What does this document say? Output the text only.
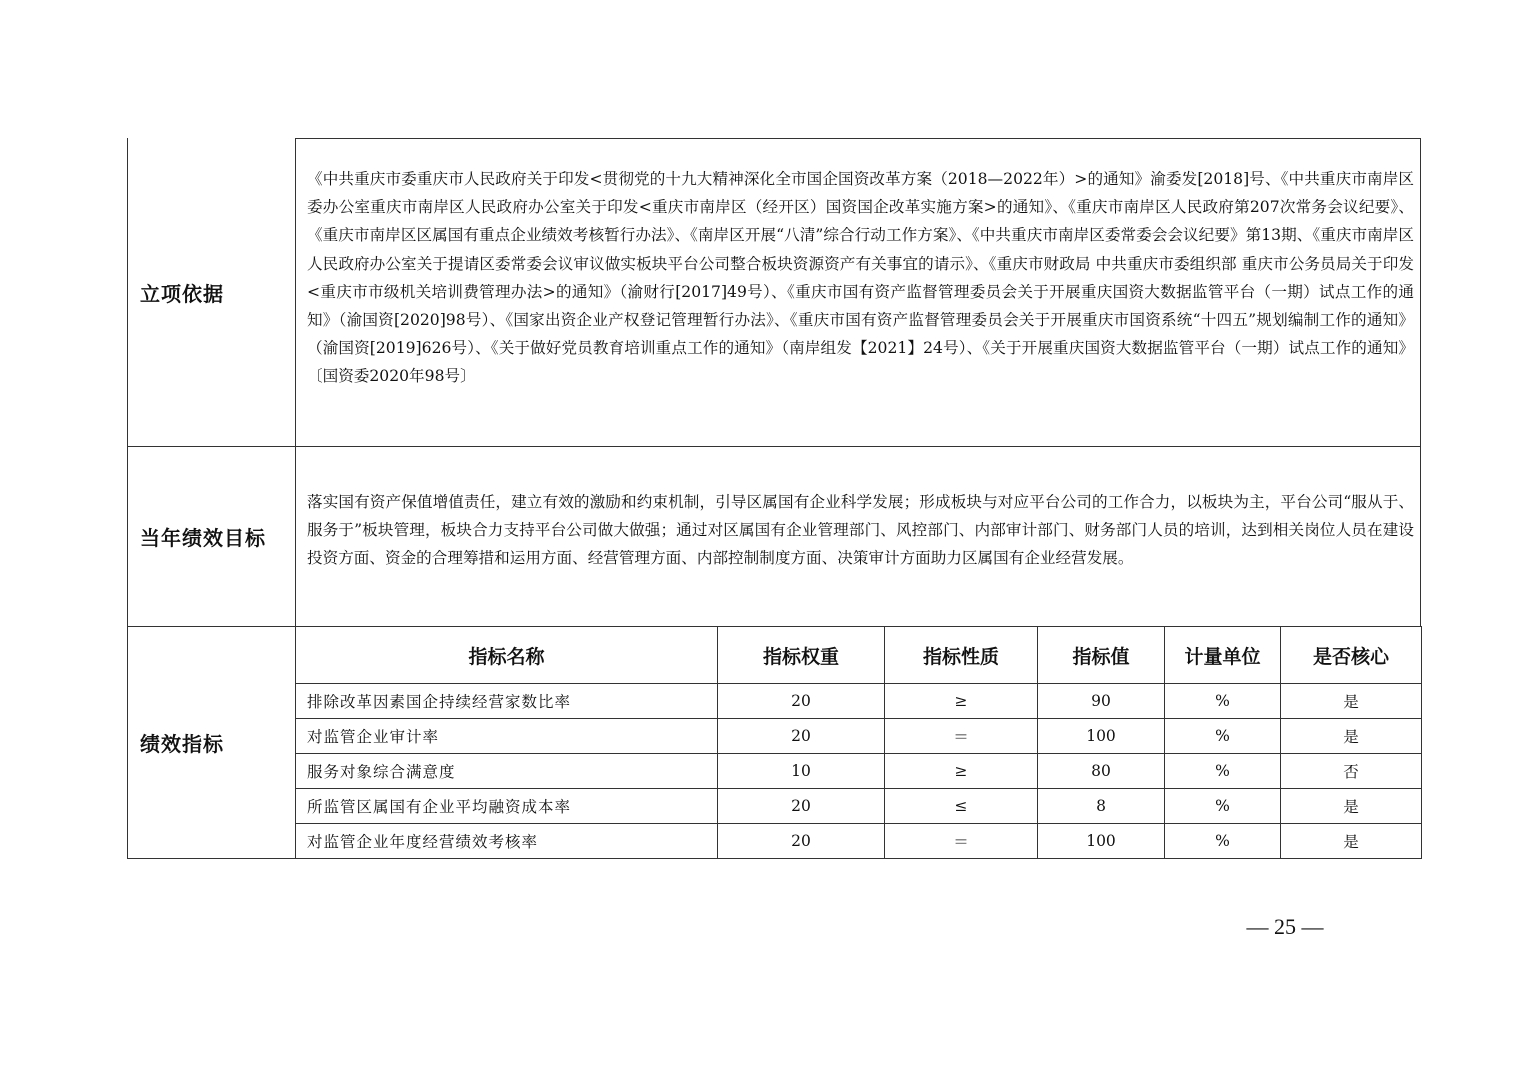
立项依据
《中共重庆市委重庆市人民政府关于印发<贯彻党的十九大精神深化全市国企国资改革方案（2018—2022年）>的通知》渝委发[2018]号、《中共重庆市南岸区委办公室重庆市南岸区人民政府办公室关于印发<重庆市南岸区（经开区）国资国企改革实施方案>的通知》、《重庆市南岸区人民政府第207次常务会议纪要》、《重庆市南岸区区属国有重点企业绩效考核暂行办法》、《南岸区开展“八清”综合行动工作方案》、《中共重庆市南岸区委常委会会议纪要》第13期、《重庆市南岸区人民政府办公室关于提请区委常委会议审议做实板块平台公司整合板块资源资产有关事宜的请示》、《重庆市财政局 中共重庆市委组织部 重庆市公务员局关于印发<重庆市市级机关培训费管理办法>的通知》（渝财行[2017]49号）、《重庆市国有资产监督管理委员会关于开展重庆国资大数据监管平台（一期）试点工作的通知》（渝国资[2020]98号）、《国家出资企业产权登记管理暂行办法》、《重庆市国有资产监督管理委员会关于开展重庆市国资系统“十四五”规划编制工作的通知》（渝国资[2019]626号）、《关于做好党员教育培训重点工作的通知》（南岸组发【2021】24号）、《关于开展重庆国资大数据监管平台（一期）试点工作的通知》〔国资委2020年98号〕
当年绩效目标
落实国有资产保值增值责任，建立有效的激励和约束机制，引导区属国有企业科学发展；形成板块与对应平台公司的工作合力，以板块为主，平台公司“服从于、服务于”板块管理，板块合力支持平台公司做大做强；通过对区属国有企业管理部门、风控部门、内部审计部门、财务部门人员的培训，达到相关岗位人员在建设投资方面、资金的合理筹措和运用方面、经营管理方面、内部控制制度方面、决策审计方面助力区属国有企业经营发展。
绩效指标
指标名称	指标权重	指标性质	指标值	计量单位	是否核心
排除改革因素国企持续经营家数比率	20	≥	90	%	是
对监管企业审计率	20	＝	100	%	是
服务对象综合满意度	10	≥	80	%	否
所监管区属国有企业平均融资成本率	20	≤	8	%	是
对监管企业年度经营绩效考核率	20	＝	100	%	是
— 25 —
